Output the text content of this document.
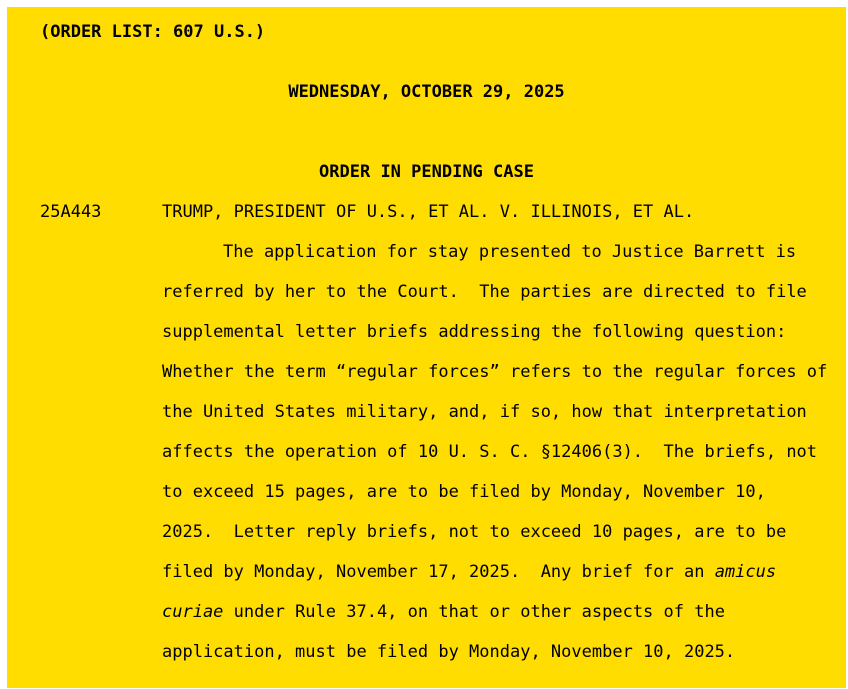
(ORDER LIST: 607 U.S.)
WEDNESDAY, OCTOBER 29, 2025
ORDER IN PENDING CASE
25A443	TRUMP, PRESIDENT OF U.S., ET AL. V. ILLINOIS, ET AL.
The application for stay presented to Justice Barrett is
referred by her to the Court.  The parties are directed to file
supplemental letter briefs addressing the following question:
Whether the term “regular forces” refers to the regular forces of
the United States military, and, if so, how that interpretation
affects the operation of 10 U. S. C. §12406(3).  The briefs, not
to exceed 15 pages, are to be filed by Monday, November 10,
2025.  Letter reply briefs, not to exceed 10 pages, are to be
filed by Monday, November 17, 2025.  Any brief for an amicus
curiae under Rule 37.4, on that or other aspects of the
application, must be filed by Monday, November 10, 2025.
